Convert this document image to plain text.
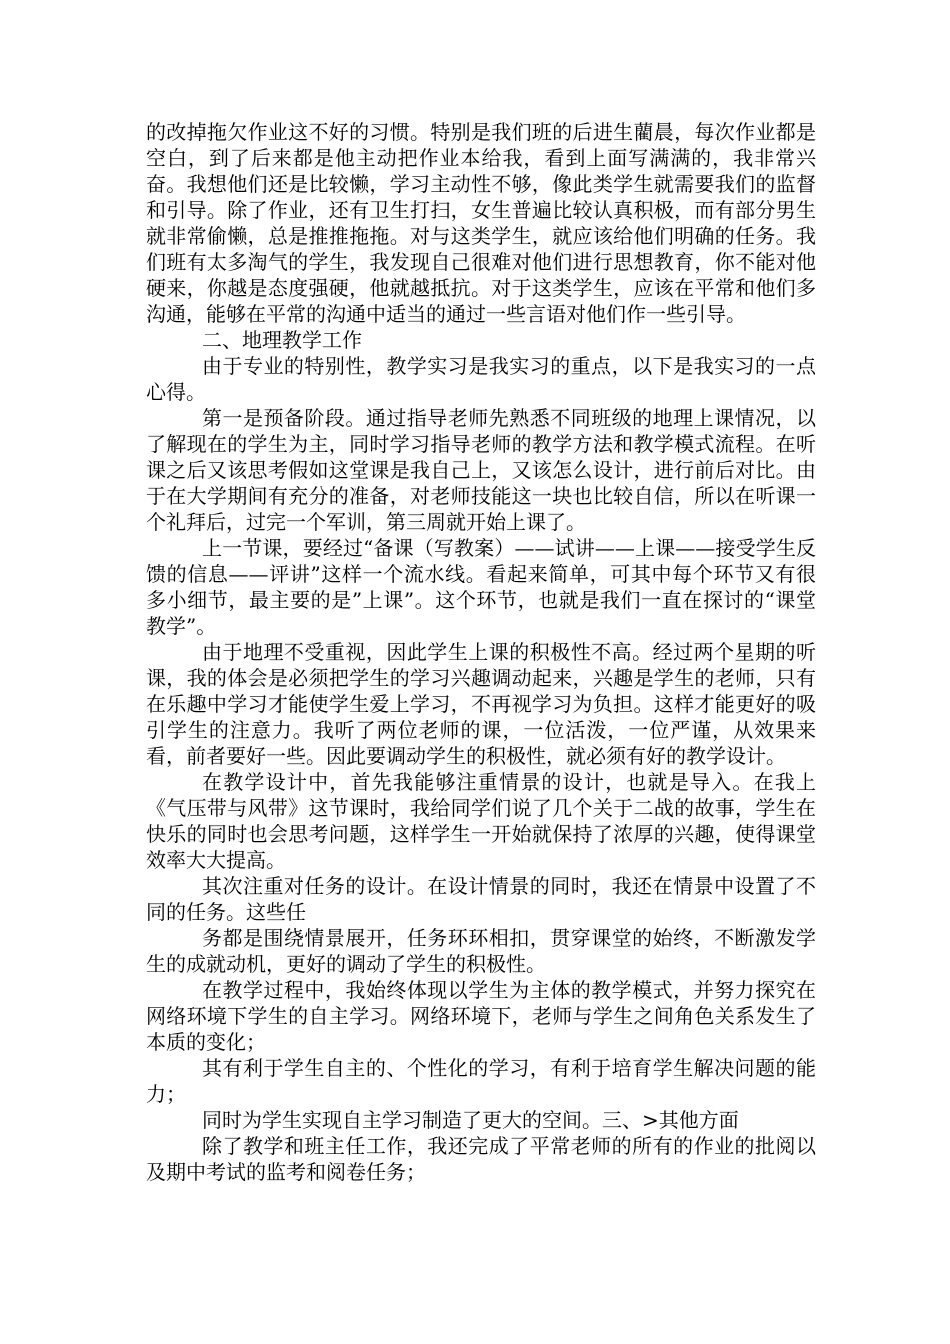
的改掉拖欠作业这不好的习惯。特别是我们班的后进生藺晨，每次作业都是空白，到了后来都是他主动把作业本给我，看到上面写满满的，我非常兴奋。我想他们还是比较懒，学习主动性不够，像此类学生就需要我们的监督和引导。除了作业，还有卫生打扫，女生普遍比较认真积极，而有部分男生就非常偷懒，总是推推拖拖。对与这类学生，就应该给他们明确的任务。我们班有太多淘气的学生，我发现自己很难对他们进行思想教育，你不能对他硬来，你越是态度强硬，他就越抵抗。对于这类学生，应该在平常和他们多沟通，能够在平常的沟通中适当的通过一些言语对他们作一些引导。

二、地理教学工作

由于专业的特别性，教学实习是我实习的重点，以下是我实习的一点心得。

第一是预备阶段。通过指导老师先熟悉不同班级的地理上课情况，以了解现在的学生为主，同时学习指导老师的教学方法和教学模式流程。在听课之后又该思考假如这堂课是我自己上，又该怎么设计，进行前后对比。由于在大学期间有充分的准备，对老师技能这一块也比较自信，所以在听课一个礼拜后，过完一个军训，第三周就开始上课了。

上一节课，要经过“备课（写教案）——试讲——上课——接受学生反馈的信息——评讲”这样一个流水线。看起来简单，可其中每个环节又有很多小细节，最主要的是”上课”。这个环节，也就是我们一直在探讨的“课堂教学”。

由于地理不受重视，因此学生上课的积极性不高。经过两个星期的听课，我的体会是必须把学生的学习兴趣调动起来，兴趣是学生的老师，只有在乐趣中学习才能使学生爱上学习，不再视学习为负担。这样才能更好的吸引学生的注意力。我听了两位老师的课，一位活泼，一位严谨，从效果来看，前者要好一些。因此要调动学生的积极性，就必须有好的教学设计。

在教学设计中，首先我能够注重情景的设计，也就是导入。在我上《气压带与风带》这节课时，我给同学们说了几个关于二战的故事，学生在快乐的同时也会思考问题，这样学生一开始就保持了浓厚的兴趣，使得课堂效率大大提高。

其次注重对任务的设计。在设计情景的同时，我还在情景中设置了不同的任务。这些任

务都是围绕情景展开，任务环环相扣，贯穿课堂的始终，不断激发学生的成就动机，更好的调动了学生的积极性。

在教学过程中，我始终体现以学生为主体的教学模式，并努力探究在网络环境下学生的自主学习。网络环境下，老师与学生之间角色关系发生了本质的变化；

其有利于学生自主的、个性化的学习，有利于培育学生解决问题的能力；

同时为学生实现自主学习制造了更大的空间。三、>其他方面

除了教学和班主任工作，我还完成了平常老师的所有的作业的批阅以及期中考试的监考和阅卷任务；
